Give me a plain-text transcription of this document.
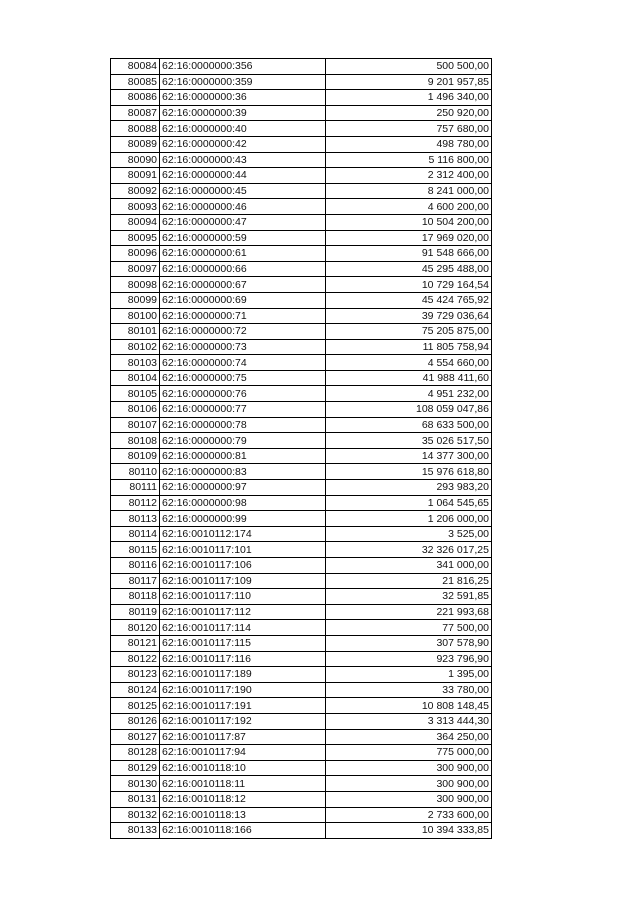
80084	62:16:0000000:356	500 500,00
80085	62:16:0000000:359	9 201 957,85
80086	62:16:0000000:36	1 496 340,00
80087	62:16:0000000:39	250 920,00
80088	62:16:0000000:40	757 680,00
80089	62:16:0000000:42	498 780,00
80090	62:16:0000000:43	5 116 800,00
80091	62:16:0000000:44	2 312 400,00
80092	62:16:0000000:45	8 241 000,00
80093	62:16:0000000:46	4 600 200,00
80094	62:16:0000000:47	10 504 200,00
80095	62:16:0000000:59	17 969 020,00
80096	62:16:0000000:61	91 548 666,00
80097	62:16:0000000:66	45 295 488,00
80098	62:16:0000000:67	10 729 164,54
80099	62:16:0000000:69	45 424 765,92
80100	62:16:0000000:71	39 729 036,64
80101	62:16:0000000:72	75 205 875,00
80102	62:16:0000000:73	11 805 758,94
80103	62:16:0000000:74	4 554 660,00
80104	62:16:0000000:75	41 988 411,60
80105	62:16:0000000:76	4 951 232,00
80106	62:16:0000000:77	108 059 047,86
80107	62:16:0000000:78	68 633 500,00
80108	62:16:0000000:79	35 026 517,50
80109	62:16:0000000:81	14 377 300,00
80110	62:16:0000000:83	15 976 618,80
80111	62:16:0000000:97	293 983,20
80112	62:16:0000000:98	1 064 545,65
80113	62:16:0000000:99	1 206 000,00
80114	62:16:0010112:174	3 525,00
80115	62:16:0010117:101	32 326 017,25
80116	62:16:0010117:106	341 000,00
80117	62:16:0010117:109	21 816,25
80118	62:16:0010117:110	32 591,85
80119	62:16:0010117:112	221 993,68
80120	62:16:0010117:114	77 500,00
80121	62:16:0010117:115	307 578,90
80122	62:16:0010117:116	923 796,90
80123	62:16:0010117:189	1 395,00
80124	62:16:0010117:190	33 780,00
80125	62:16:0010117:191	10 808 148,45
80126	62:16:0010117:192	3 313 444,30
80127	62:16:0010117:87	364 250,00
80128	62:16:0010117:94	775 000,00
80129	62:16:0010118:10	300 900,00
80130	62:16:0010118:11	300 900,00
80131	62:16:0010118:12	300 900,00
80132	62:16:0010118:13	2 733 600,00
80133	62:16:0010118:166	10 394 333,85
